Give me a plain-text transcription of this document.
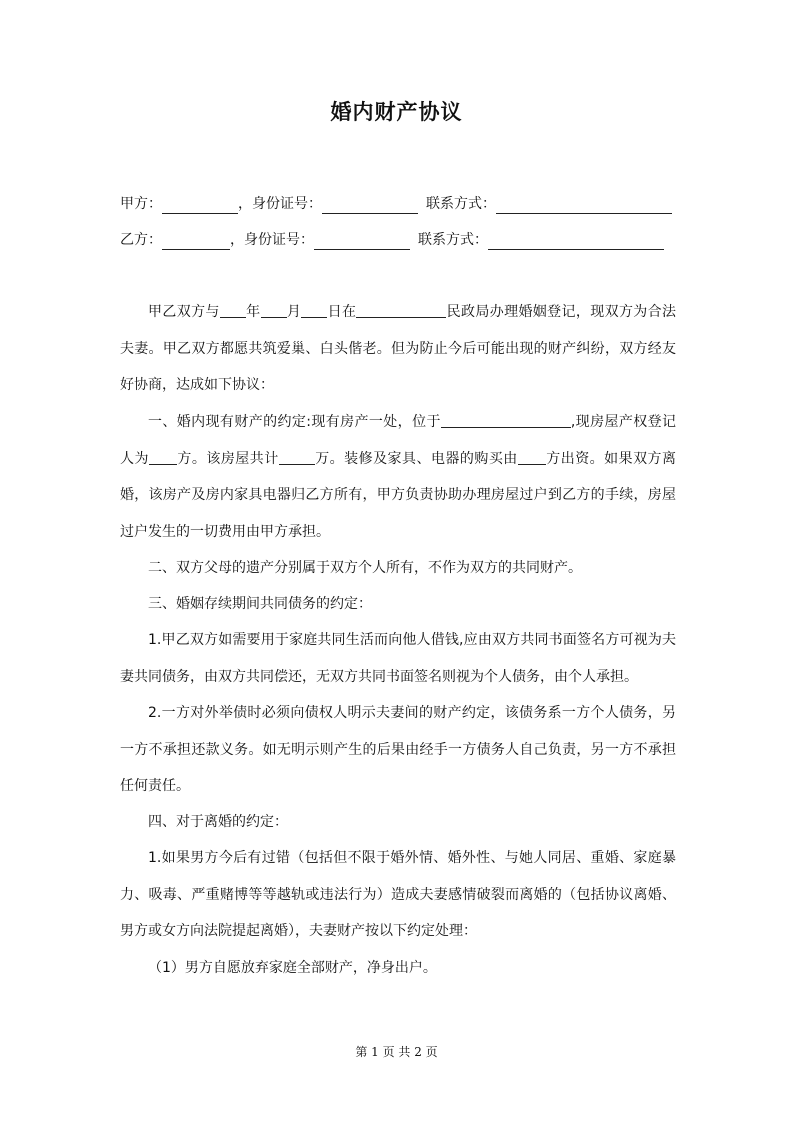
婚内财产协议
甲方：	，身份证号：	联系方式：
乙方：	，身份证号：	联系方式：

甲乙双方与 年 月 日在	民政局办理婚姻登记，现双方为合法夫妻。甲乙双方都愿共筑爱巢、白头偕老。但为防止今后可能出现的财产纠纷，双方经友好协商，达成如下协议：

一、婚内现有财产的约定:现有房产一处，位于	,现房屋产权登记人为 方。该房屋共计	万。装修及家具、电器的购买由 方出资。如果双方离婚，该房产及房内家具电器归乙方所有，甲方负责协助办理房屋过户到乙方的手续，房屋过户发生的一切费用由甲方承担。

二、双方父母的遗产分别属于双方个人所有，不作为双方的共同财产。

三、婚姻存续期间共同债务的约定：

1.甲乙双方如需要用于家庭共同生活而向他人借钱,应由双方共同书面签名方可视为夫妻共同债务，由双方共同偿还，无双方共同书面签名则视为个人债务，由个人承担。

2.一方对外举债时必须向债权人明示夫妻间的财产约定，该债务系一方个人债务，另一方不承担还款义务。如无明示则产生的后果由经手一方债务人自己负责，另一方不承担任何责任。

四、对于离婚的约定：

1.如果男方今后有过错（包括但不限于婚外情、婚外性、与她人同居、重婚、家庭暴力、吸毒、严重赌博等等越轨或违法行为）造成夫妻感情破裂而离婚的（包括协议离婚、男方或女方向法院提起离婚），夫妻财产按以下约定处理：

（1）男方自愿放弃家庭全部财产，净身出户。

第 1 页 共 2 页
